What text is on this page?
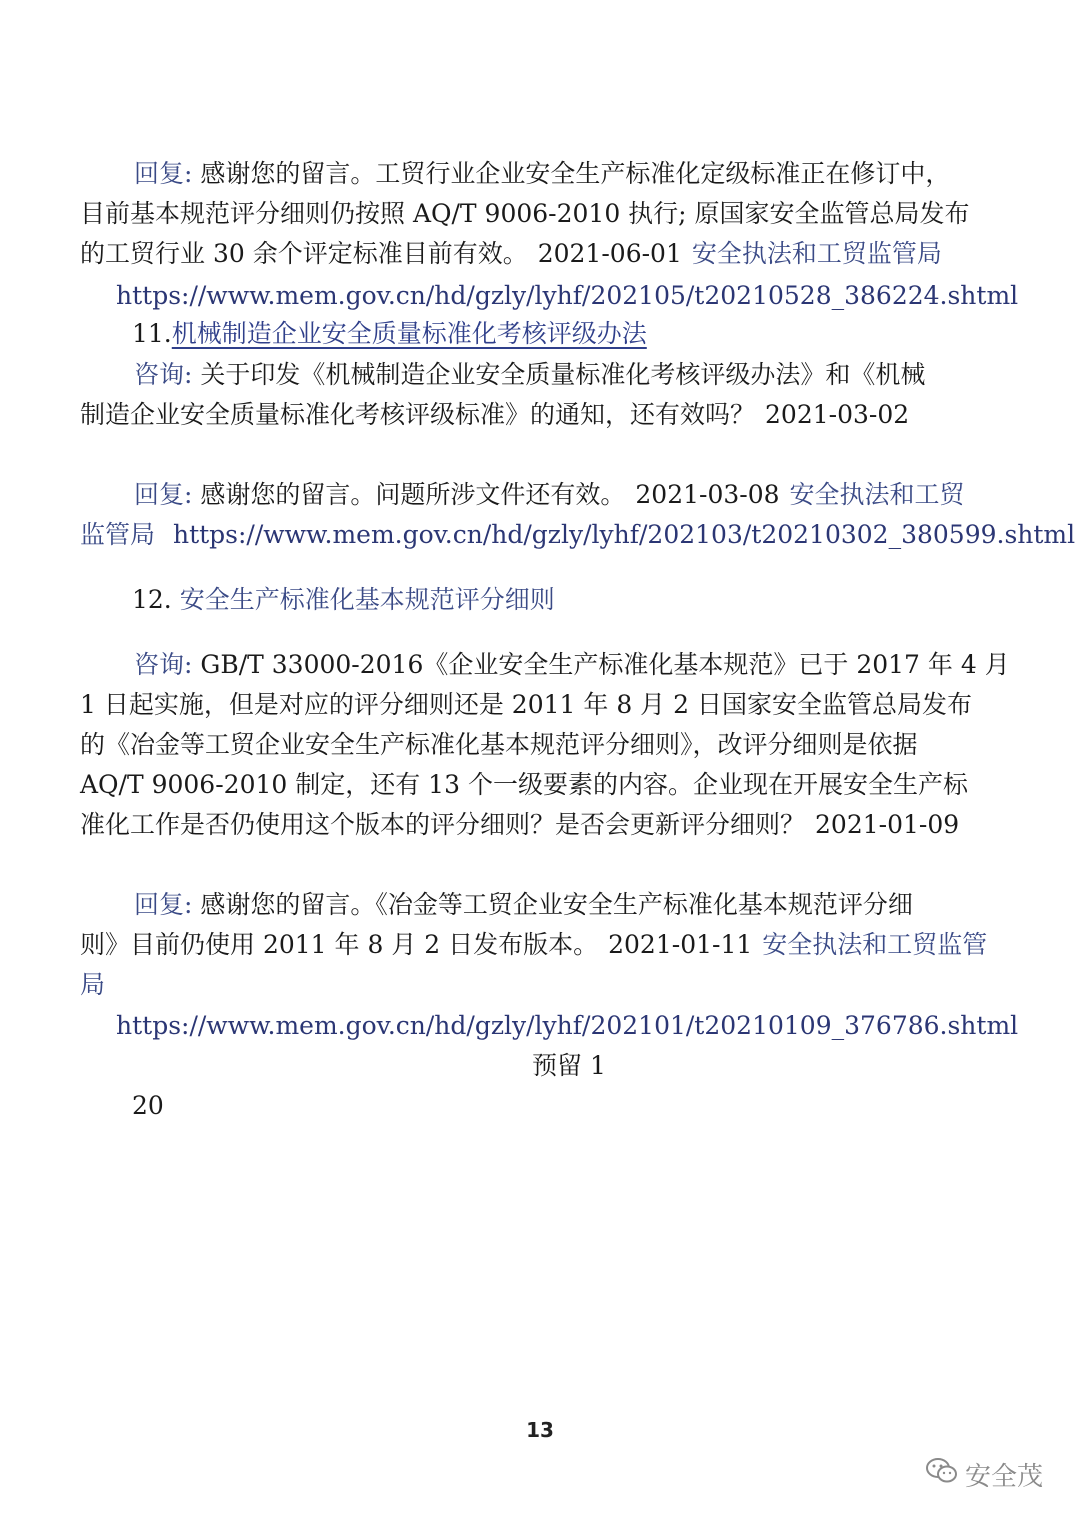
回复: 感谢您的留言。工贸行业企业安全生产标准化定级标准正在修订中，
目前基本规范评分细则仍按照 AQ/T 9006-2010 执行; 原国家安全监管总局发布
的工贸行业 30 余个评定标准目前有效。 2021-06-01 安全执法和工贸监管局
https://www.mem.gov.cn/hd/gzly/lyhf/202105/t20210528_386224.shtml
11.机械制造企业安全质量标准化考核评级办法
咨询: 关于印发《机械制造企业安全质量标准化考核评级办法》和《机械
制造企业安全质量标准化考核评级标准》的通知，还有效吗？ 2021-03-02
回复: 感谢您的留言。问题所涉文件还有效。 2021-03-08 安全执法和工贸
监管局 https://www.mem.gov.cn/hd/gzly/lyhf/202103/t20210302_380599.shtml
12. 安全生产标准化基本规范评分细则
咨询: GB/T 33000-2016《企业安全生产标准化基本规范》已于 2017 年 4 月
1 日起实施，但是对应的评分细则还是 2011 年 8 月 2 日国家安全监管总局发布
的《冶金等工贸企业安全生产标准化基本规范评分细则》，改评分细则是依据
AQ/T 9006-2010 制定，还有 13 个一级要素的内容。企业现在开展安全生产标
准化工作是否仍使用这个版本的评分细则？是否会更新评分细则？ 2021-01-09
回复: 感谢您的留言。《冶金等工贸企业安全生产标准化基本规范评分细
则》目前仍使用 2011 年 8 月 2 日发布版本。 2021-01-11 安全执法和工贸监管
局
https://www.mem.gov.cn/hd/gzly/lyhf/202101/t20210109_376786.shtml
预留 1
20
13
安全茂
